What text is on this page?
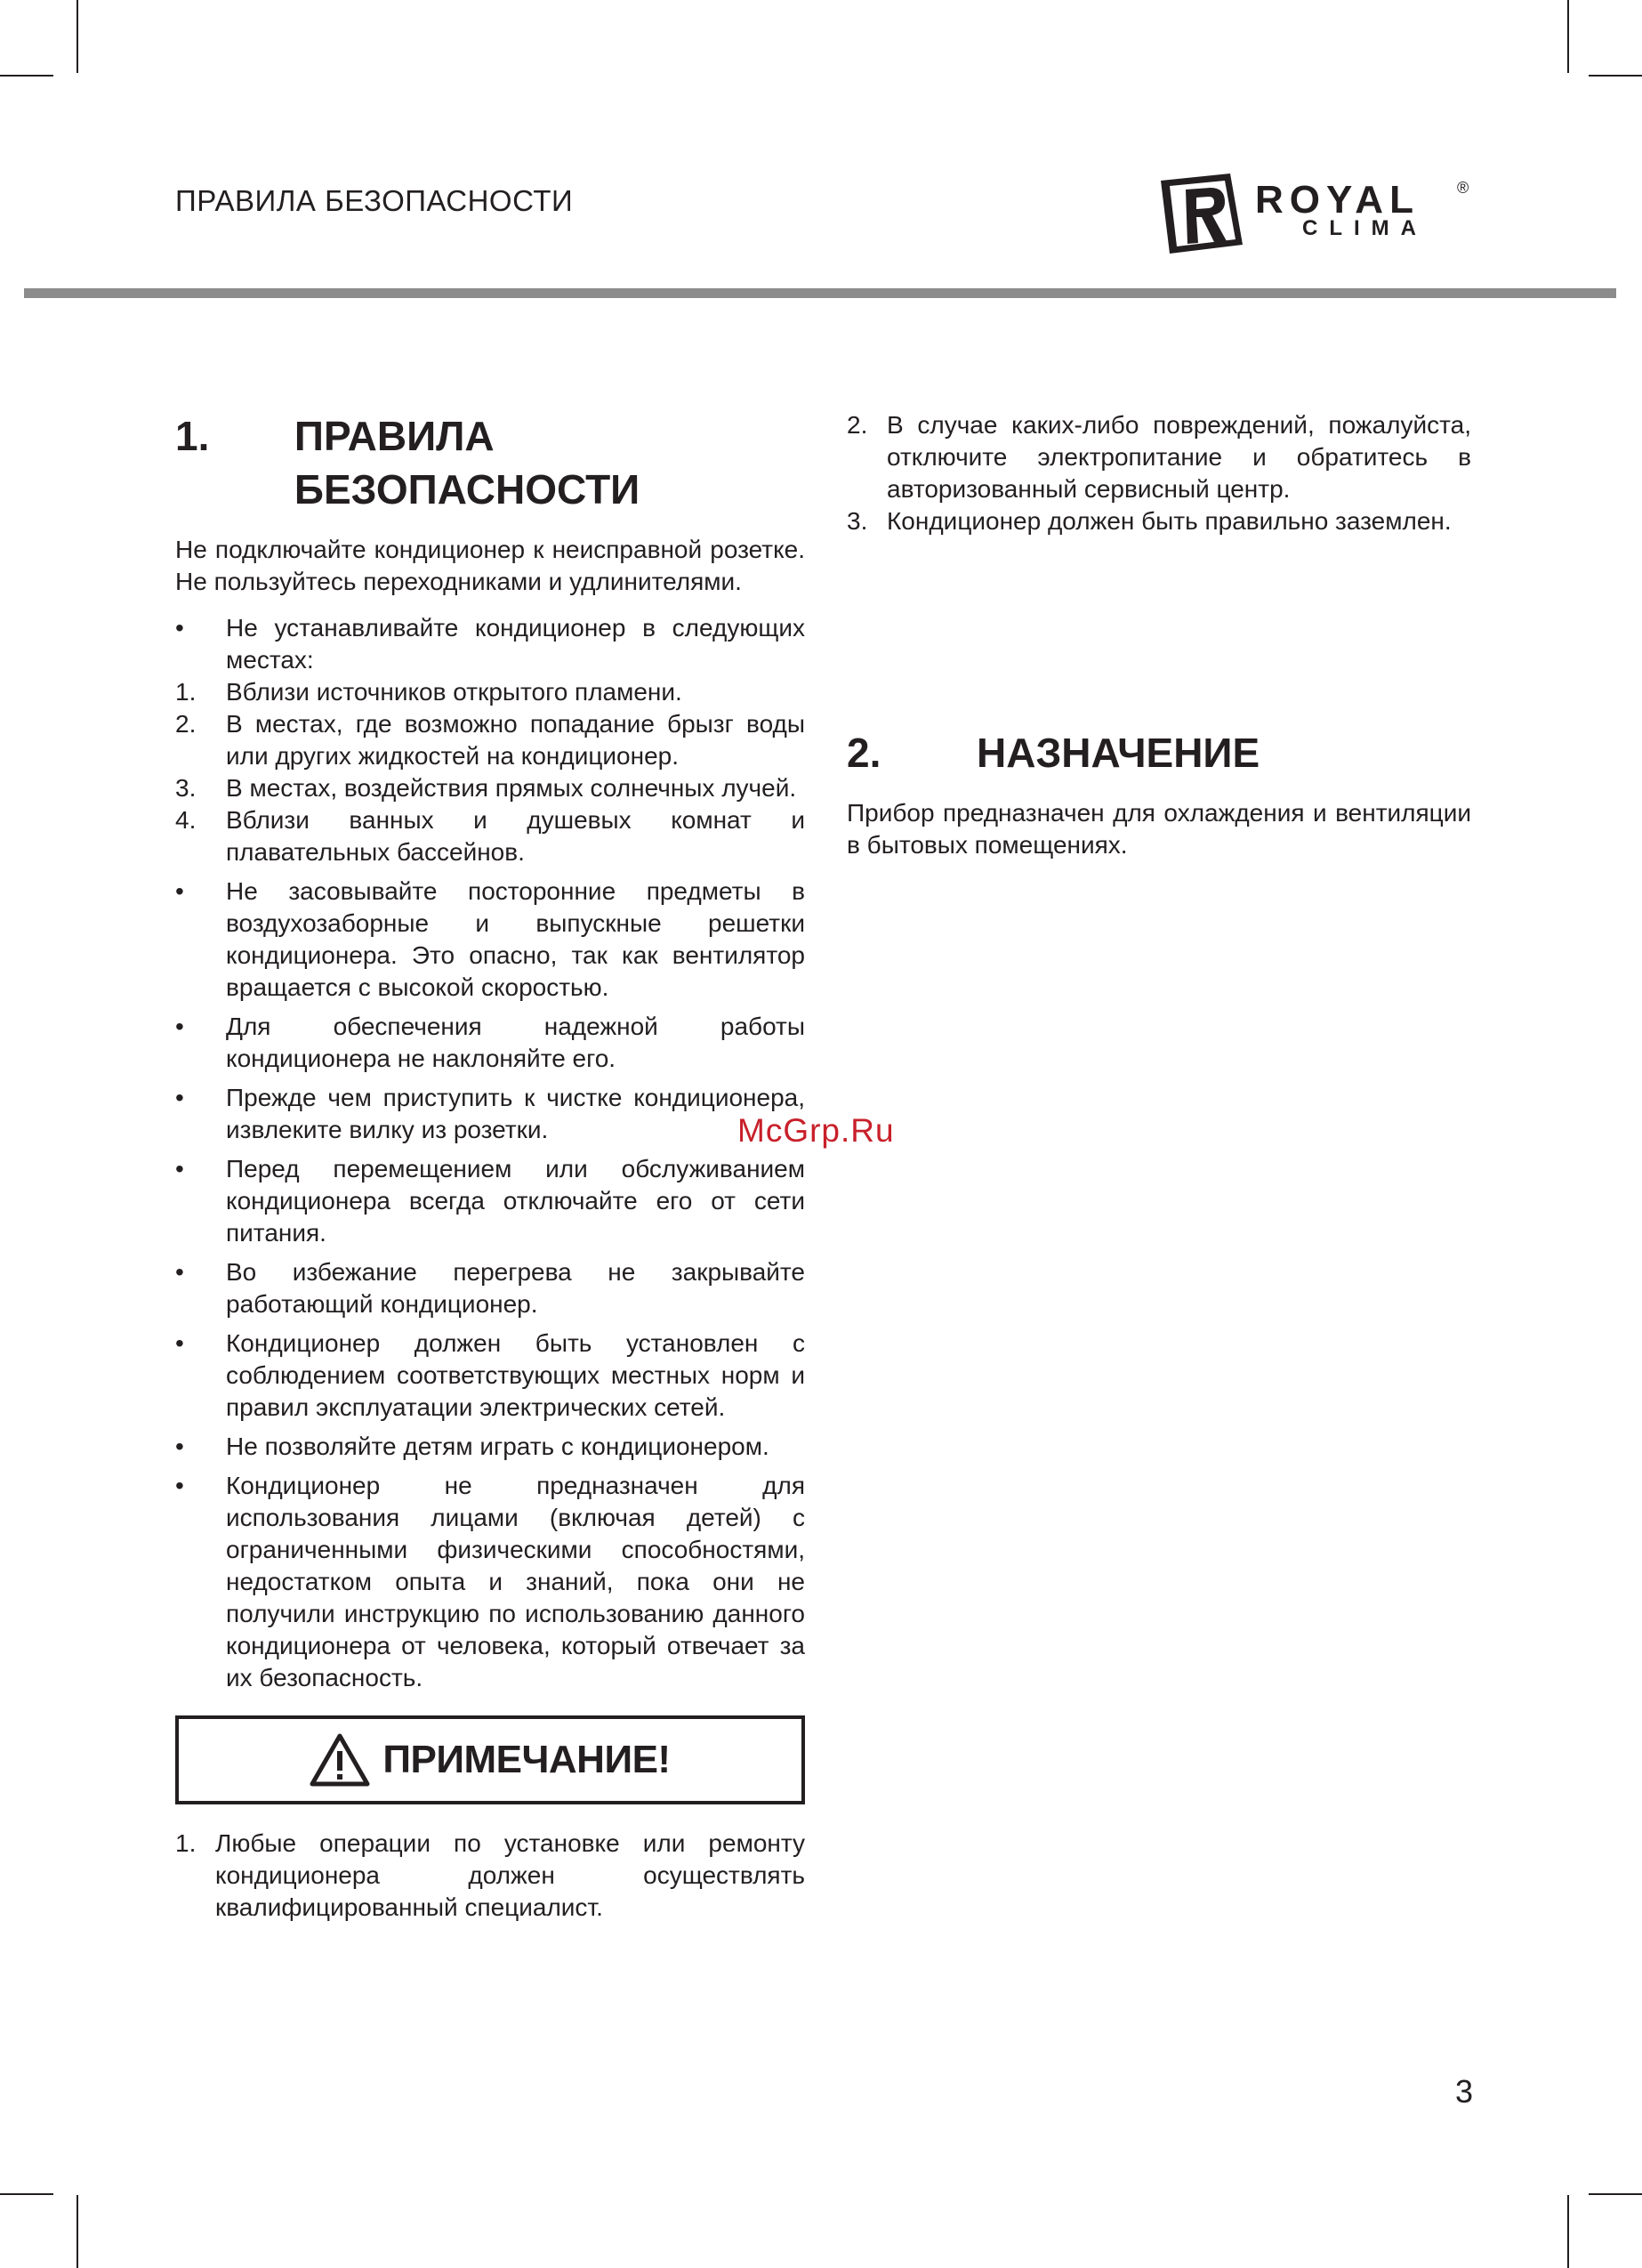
ПРАВИЛА БЕЗОПАСНОСТИ	ROYAL ®
CLIMA
1.	ПРАВИЛА БЕЗОПАСНОСТИ

Не подключайте кондиционер к неисправной розетке. Не пользуйтесь переходниками и удлинителями.

• Не устанавливайте кондиционер в следующих местах:
1. Вблизи источников открытого пламени.
2. В местах, где возможно попадание брызг воды или других жидкостей на кондиционер.
3. В местах, воздействия прямых солнечных лучей.
4. Вблизи ванных и душевых комнат и плавательных бассейнов.
• Не засовывайте посторонние предметы в воздухозаборные и выпускные решетки кондиционера. Это опасно, так как вентилятор вращается с высокой скоростью.
• Для обеспечения надежной работы кондиционера не наклоняйте его.
• Прежде чем приступить к чистке кондиционера, извлеките вилку из розетки.
• Перед перемещением или обслуживанием кондиционера всегда отключайте его от сети питания.
• Во избежание перегрева не закрывайте работающий кондиционер.
• Кондиционер должен быть установлен с соблюдением соответствующих местных норм и правил эксплуатации электрических сетей.
• Не позволяйте детям играть с кондиционером.
• Кондиционер не предназначен для использования лицами (включая детей) с ограниченными физическими способностями, недостатком опыта и знаний, пока они не получили инструкцию по использованию данного кондиционера от человека, который отвечает за их безопасность.
ПРИМЕЧАНИЕ!
1. Любые операции по установке или ремонту кондиционера должен осуществлять квалифицированный специалист.
2. В случае каких-либо повреждений, пожалуйста, отключите электропитание и обратитесь в авторизованный сервисный центр.
3. Кондиционер должен быть правильно заземлен.
2.	НАЗНАЧЕНИЕ

Прибор предназначен для охлаждения и вентиляции в бытовых помещениях.

McGrp.Ru
3
